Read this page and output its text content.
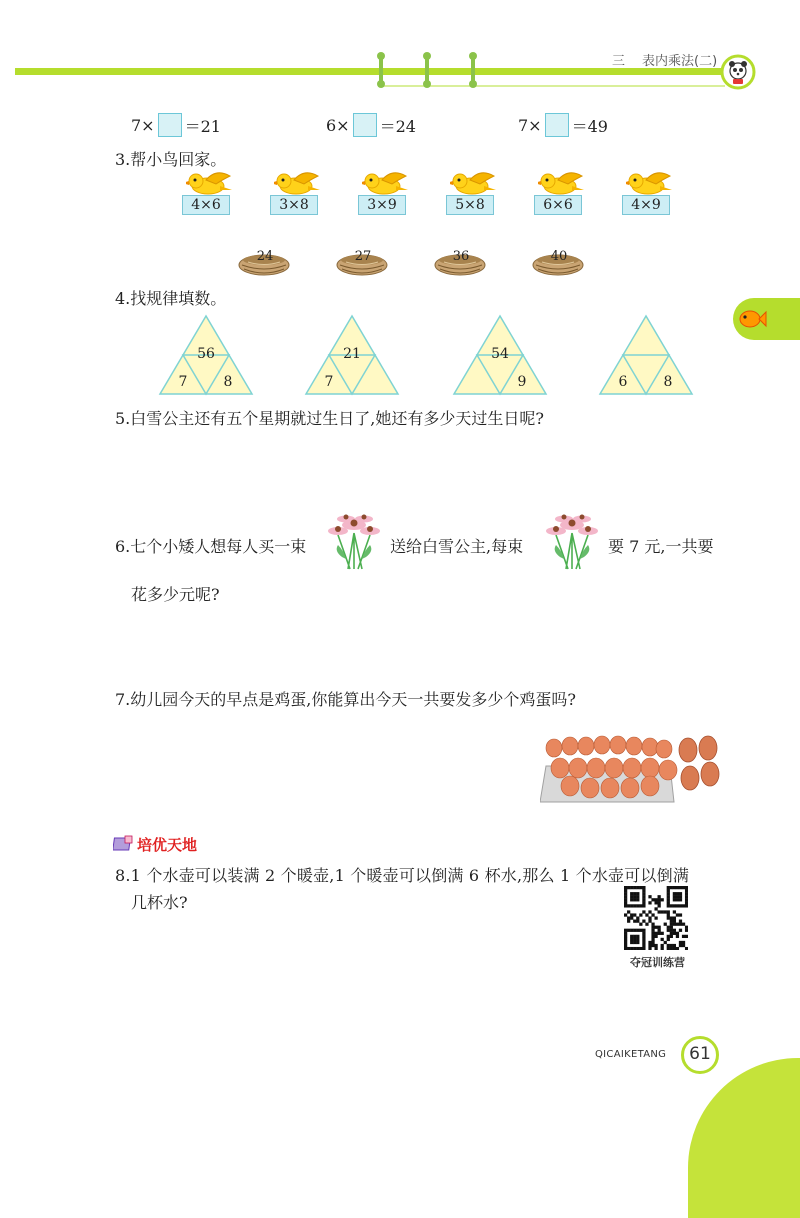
三 表内乘法(二)
7× ＝21	6× ＝24	7× ＝49
3.帮小鸟回家。
4×6	3×8	3×9	5×8	6×6	4×9
24	27	36	40
4.找规律填数。
56
7	8
21
7
54
9	6	8
5.白雪公主还有五个星期就过生日了,她还有多少天过生日呢?
6.七个小矮人想每人买一束	送给白雪公主,每束	要 7 元,一共要
花多少元呢?
7.幼儿园今天的早点是鸡蛋,你能算出今天一共要发多少个鸡蛋吗?
培优天地
8.1 个水壶可以装满 2 个暖壶,1 个暖壶可以倒满 6 杯水,那么 1 个水壶可以倒满
几杯水?
夺冠训练营
QICAIKETANG	61
